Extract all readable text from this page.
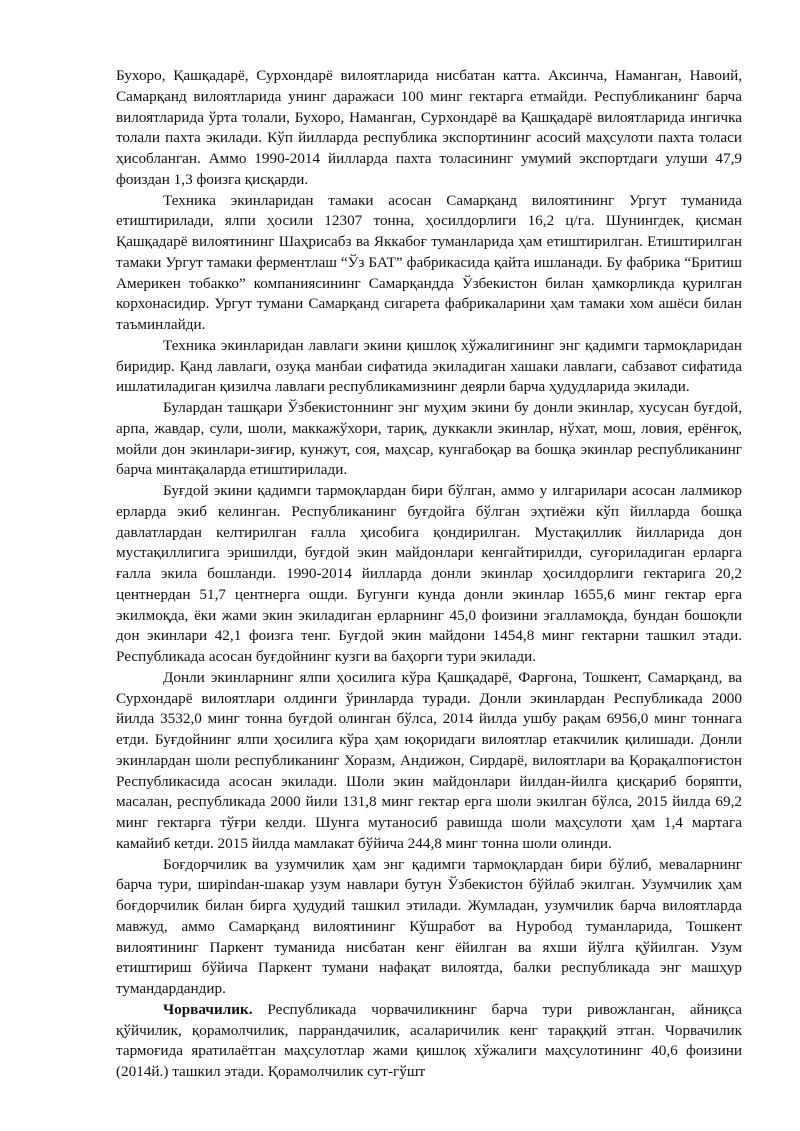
Бухоро, Қашқадарё, Сурхондарё вилоятларида нисбатан катта. Аксинча, Наманган, Навоий, Самарқанд вилоятларида унинг даражаси 100 минг гектарга етмайди. Республиканинг барча вилоятларида ўрта толали, Бухоро, Наманган, Сурхондарё ва Қашқадарё вилоятларида ингичка толали пахта экилади. Кўп йилларда республика экспортининг асосий маҳсулоти пахта толаси ҳисобланган. Аммо 1990-2014 йилларда пахта толасининг умумий экспортдаги улуши 47,9 фоиздан 1,3 фоизга қисқарди.

Техника экинларидан тамаки асосан Самарқанд вилоятининг Ургут туманида етиштирилади, ялпи ҳосили 12307 тонна, ҳосилдорлиги 16,2 ц/га. Шунингдек, қисман Қашқадарё вилоятининг Шаҳрисабз ва Яккабоғ туманларида ҳам етиштирилган. Етиштирилган тамаки Ургут тамаки ферментлаш “Ўз БАТ” фабрикасида қайта ишланади. Бу фабрика “Бритиш Америкен тобакко” компаниясининг Самарқандда Ўзбекистон билан ҳамкорликда қурилган корхонасидир. Ургут тумани Самарқанд сигарета фабрикаларини ҳам тамаки хом ашёси билан таъминлайди.

Техника экинларидан лавлаги экини қишлоқ хўжалигининг энг қадимги тармоқларидан биридир. Қанд лавлаги, озуқа манбаи сифатида экиладиган хашаки лавлаги, сабзавот сифатида ишлатиладиган қизилча лавлаги республикамизнинг деярли барча ҳудудларида экилади.

Булардан ташқари Ўзбекистоннинг энг муҳим экини бу донли экинлар, хусусан буғдой, арпа, жавдар, сули, шоли, маккажўхори, тариқ, дуккакли экинлар, нўхат, мош, ловия, ерёнғоқ, мойли дон экинлари-зиғир, кунжут, соя, маҳсар, кунгабоқар ва бошқа экинлар республиканинг барча минтақаларда етиштирилади.

Буғдой экини қадимги тармоқлардан бири бўлган, аммо у илгарилари асосан лалмикор ерларда экиб келинган. Республиканинг буғдойга бўлган эҳтиёжи кўп йилларда бошқа давлатлардан келтирилган ғалла ҳисобига қондирилган. Мустақиллик йилларида дон мустақиллигига эришилди, буғдой экин майдонлари кенгайтирилди, суғориладиган ерларга ғалла экила бошланди. 1990-2014 йилларда донли экинлар ҳосилдорлиги гектарига 20,2 центнердан 51,7 центнерга ошди. Бугунги кунда донли экинлар 1655,6 минг гектар ерга экилмоқда, ёки жами экин экиладиган ерларнинг 45,0 фоизини эгалламоқда, бундан бошоқли дон экинлари 42,1 фоизга тенг. Буғдой экин майдони 1454,8 минг гектарни ташкил этади. Республикада асосан буғдойнинг кузги ва баҳорги тури экилади.

Донли экинларнинг ялпи ҳосилига кўра Қашқадарё, Фарғона, Тошкент, Самарқанд, ва Сурхондарё вилоятлари олдинги ўринларда туради. Донли экинлардан Республикада 2000 йилда 3532,0 минг тонна буғдой олинган бўлса, 2014 йилда ушбу рақам 6956,0 минг тоннага етди. Буғдойнинг ялпи ҳосилига кўра ҳам юқоридаги вилоятлар етакчилик қилишади. Донли экинлардан шоли республиканинг Хоразм, Андижон, Сирдарё, вилоятлари ва Қорақалпоғистон Республикасида асосан экилади. Шоли экин майдонлари йилдан-йилга қисқариб боряпти, масалан, республикада 2000 йили 131,8 минг гектар ерга шоли экилган бўлса, 2015 йилда 69,2 минг гектарга тўғри келди. Шунга мутаносиб равишда шоли маҳсулоти ҳам 1,4 мартага камайиб кетди. 2015 йилда мамлакат бўйича 244,8 минг тонна шоли олинди.

Боғдорчилик ва узумчилик ҳам энг қадимги тармоқлардан бири бўлиб, меваларнинг барча тури, ширindан-шакар узум навлари бутун Ўзбекистон бўйлаб экилган. Узумчилик ҳам боғдорчилик билан бирга ҳудудий ташкил этилади. Жумладан, узумчилик барча вилоятларда мавжуд, аммо Самарқанд вилоятининг Кўшработ ва Нуробод туманларида, Тошкент вилоятининг Паркент туманида нисбатан кенг ёйилган ва яхши йўлга қўйилган. Узум етиштириш бўйича Паркент тумани нафақат вилоятда, балки республикада энг машҳур тумандардандир.

Чорвачилик. Республикада чорвачиликнинг барча тури ривожланган, айниқса қўйчилик, қорамолчилик, паррандачилик, асаларичилик кенг тараққий этган. Чорвачилик тармоғида яратилаётган маҳсулотлар жами қишлоқ хўжалиги маҳсулотининг 40,6 фоизини (2014й.) ташкил этади. Қорамолчилик сут-гўшт
